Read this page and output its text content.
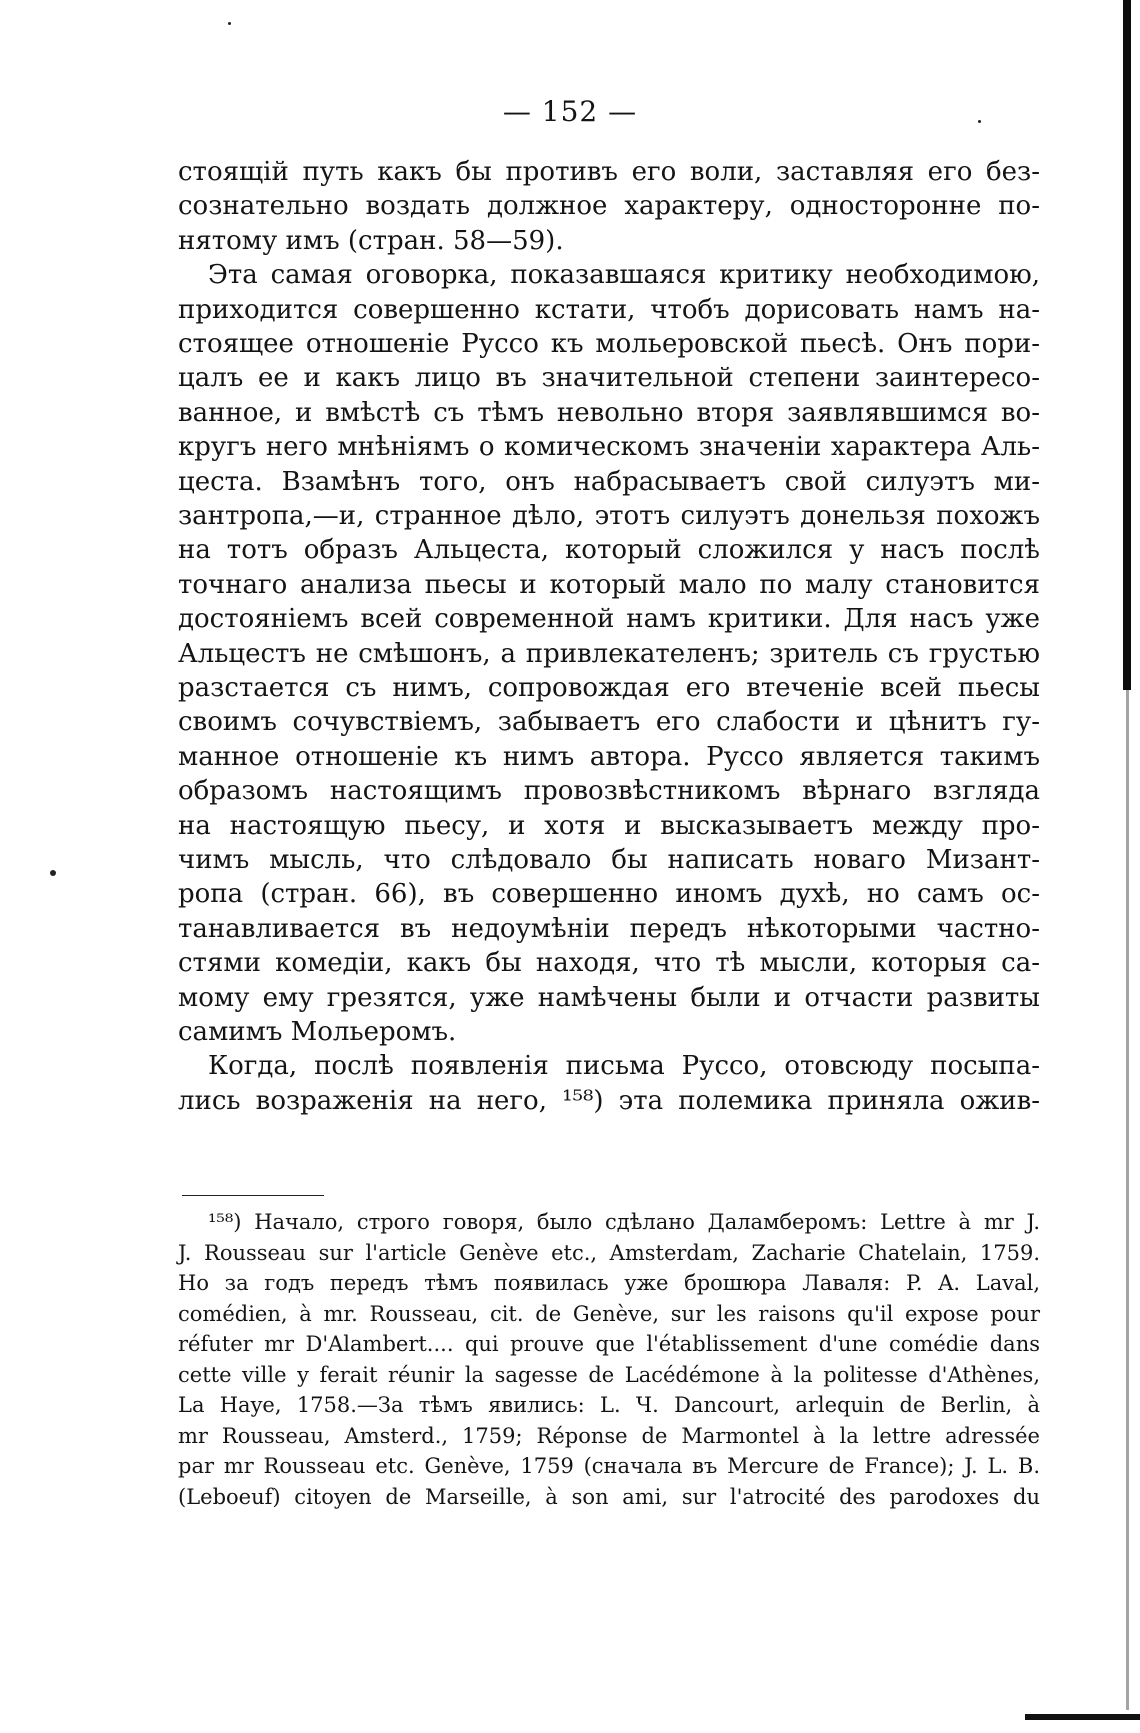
— 152 —
стоящій путь какъ бы противъ его воли, заставляя его без-
сознательно воздать должное характеру, односторонне по-
нятому имъ (стран. 58—59).
Эта самая оговорка, показавшаяся критику необходимою,
приходится совершенно кстати, чтобъ дорисовать намъ на-
стоящее отношеніе Руссо къ мольеровской пьесѣ. Онъ пори-
цалъ ее и какъ лицо въ значительной степени заинтересо-
ванное, и вмѣстѣ съ тѣмъ невольно вторя заявлявшимся во-
кругъ него мнѣніямъ о комическомъ значеніи характера Аль-
цеста. Взамѣнъ того, онъ набрасываетъ свой силуэтъ ми-
зантропа,—и, странное дѣло, этотъ силуэтъ донельзя похожъ
на тотъ образъ Альцеста, который сложился у насъ послѣ
точнаго анализа пьесы и который мало по малу становится
достояніемъ всей современной намъ критики. Для насъ уже
Альцестъ не смѣшонъ, а привлекателенъ; зритель съ грустью
разстается съ нимъ, сопровождая его втеченіе всей пьесы
своимъ сочувствіемъ, забываетъ его слабости и цѣнитъ гу-
манное отношеніе къ нимъ автора. Руссо является такимъ
образомъ настоящимъ провозвѣстникомъ вѣрнаго взгляда
на настоящую пьесу, и хотя и высказываетъ между про-
чимъ мысль, что слѣдовало бы написать новаго Мизант-
ропа (стран. 66), въ совершенно иномъ духѣ, но самъ ос-
танавливается въ недоумѣніи передъ нѣкоторыми частно-
стями комедіи, какъ бы находя, что тѣ мысли, которыя са-
мому ему грезятся, уже намѣчены были и отчасти развиты
самимъ Мольеромъ.
Когда, послѣ появленія письма Руссо, отовсюду посыпа-
лись возраженія на него, ¹⁵⁸) эта полемика приняла ожив-
¹⁵⁸) Начало, строго говоря, было сдѣлано Даламберомъ: Lettre à mr J.
J. Rousseau sur l'article Genève etc., Amsterdam, Zacharie Chatelain, 1759.
Но за годъ передъ тѣмъ появилась уже брошюра Лаваля: P. A. Laval,
comédien, à mr. Rousseau, cit. de Genève, sur les raisons qu'il expose pour
réfuter mr D'Alambert.... qui prouve que l'établissement d'une comédie dans
cette ville y ferait réunir la sagesse de Lacédémone à la politesse d'Athènes,
La Haye, 1758.—За тѣмъ явились: L. Ч. Dancourt, arlequin de Berlin, à
mr Rousseau, Amsterd., 1759; Réponse de Marmontel à la lettre adressée
par mr Rousseau etc. Genève, 1759 (сначала въ Mercure de France); J. L. B.
(Leboeuf) citoyen de Marseille, à son ami, sur l'atrocité des parodoxes du
